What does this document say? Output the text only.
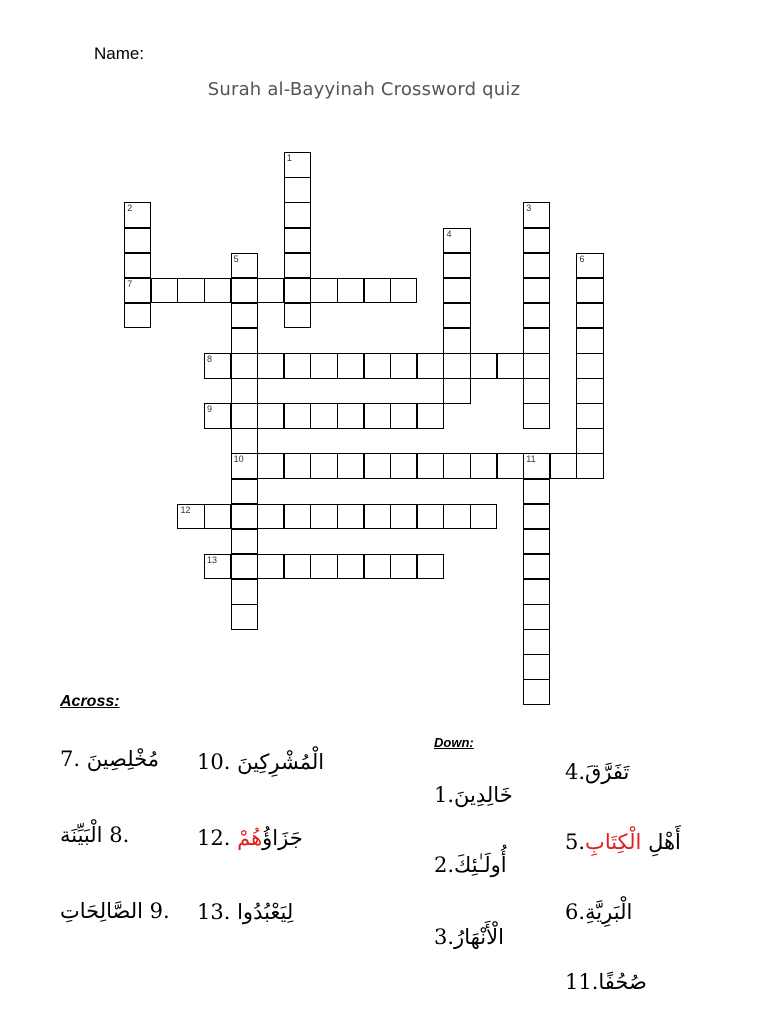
Name:
Surah al-Bayyinah Crossword quiz
1
2
7
3
4
5
10
6
8
9
11
12
13
Across:
7. مُخْلِصِينَ
الْبَيِّنَة 8.
الصَّالِحَاتِ 9.
10. الْمُشْرِكِينَ
12. جَزَاؤُهُمْ
13. لِيَعْبُدُوا
Down:
1.خَالِدِينَ
2.أُولَـٰئِكَ
3.الْأَنْهَارُ
4.تَفَرَّقَ
5.	أَهْلِ الْكِتَابِ
6.الْبَرِيَّةِ
11.صُحُفًا
